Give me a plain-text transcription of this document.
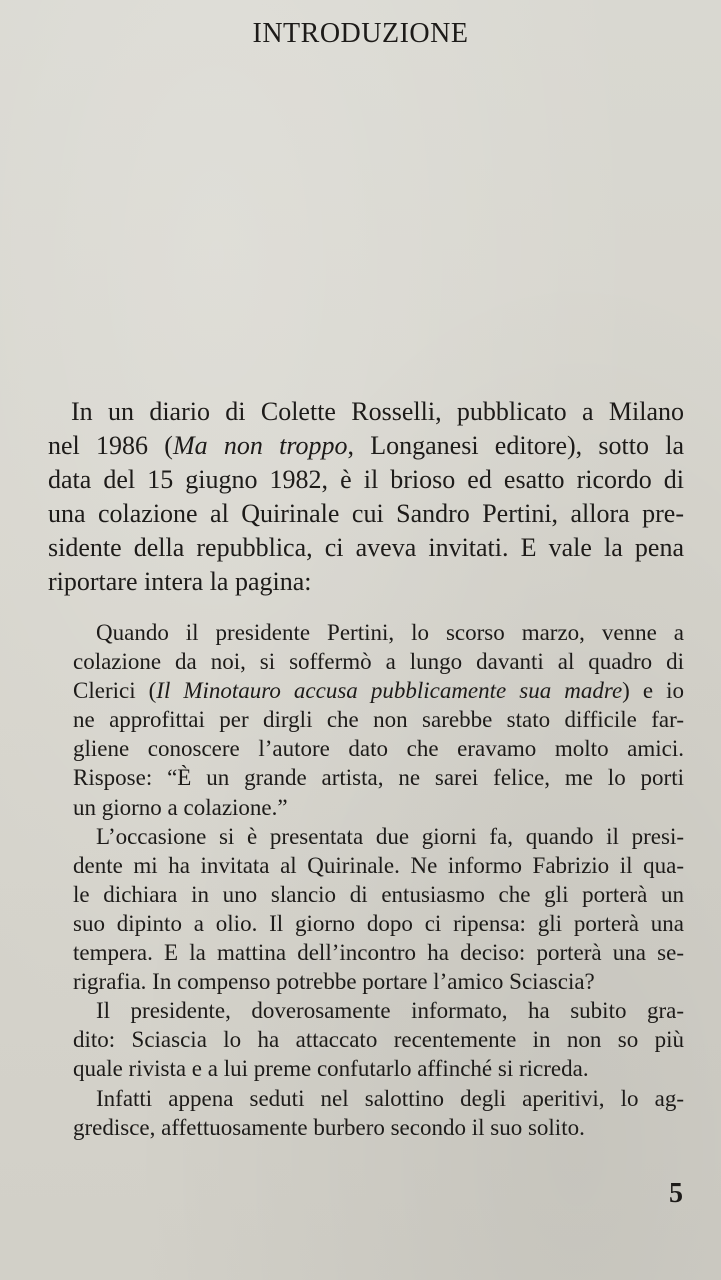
INTRODUZIONE

In un diario di Colette Rosselli, pubblicato a Milano
nel 1986 (Ma non troppo, Longanesi editore), sotto la
data del 15 giugno 1982, è il brioso ed esatto ricordo di
una colazione al Quirinale cui Sandro Pertini, allora pre-
sidente della repubblica, ci aveva invitati. E vale la pena
riportare intera la pagina:

Quando il presidente Pertini, lo scorso marzo, venne a
colazione da noi, si soffermò a lungo davanti al quadro di
Clerici (Il Minotauro accusa pubblicamente sua madre) e io
ne approfittai per dirgli che non sarebbe stato difficile far-
gliene conoscere l’autore dato che eravamo molto amici.
Rispose: “È un grande artista, ne sarei felice, me lo porti
un giorno a colazione.”

L’occasione si è presentata due giorni fa, quando il presi-
dente mi ha invitata al Quirinale. Ne informo Fabrizio il qua-
le dichiara in uno slancio di entusiasmo che gli porterà un
suo dipinto a olio. Il giorno dopo ci ripensa: gli porterà una
tempera. E la mattina dell’incontro ha deciso: porterà una se-
rigrafia. In compenso potrebbe portare l’amico Sciascia?

Il presidente, doverosamente informato, ha subito gra-
dito: Sciascia lo ha attaccato recentemente in non so più
quale rivista e a lui preme confutarlo affinché si ricreda.

Infatti appena seduti nel salottino degli aperitivi, lo ag-
gredisce, affettuosamente burbero secondo il suo solito.

5
